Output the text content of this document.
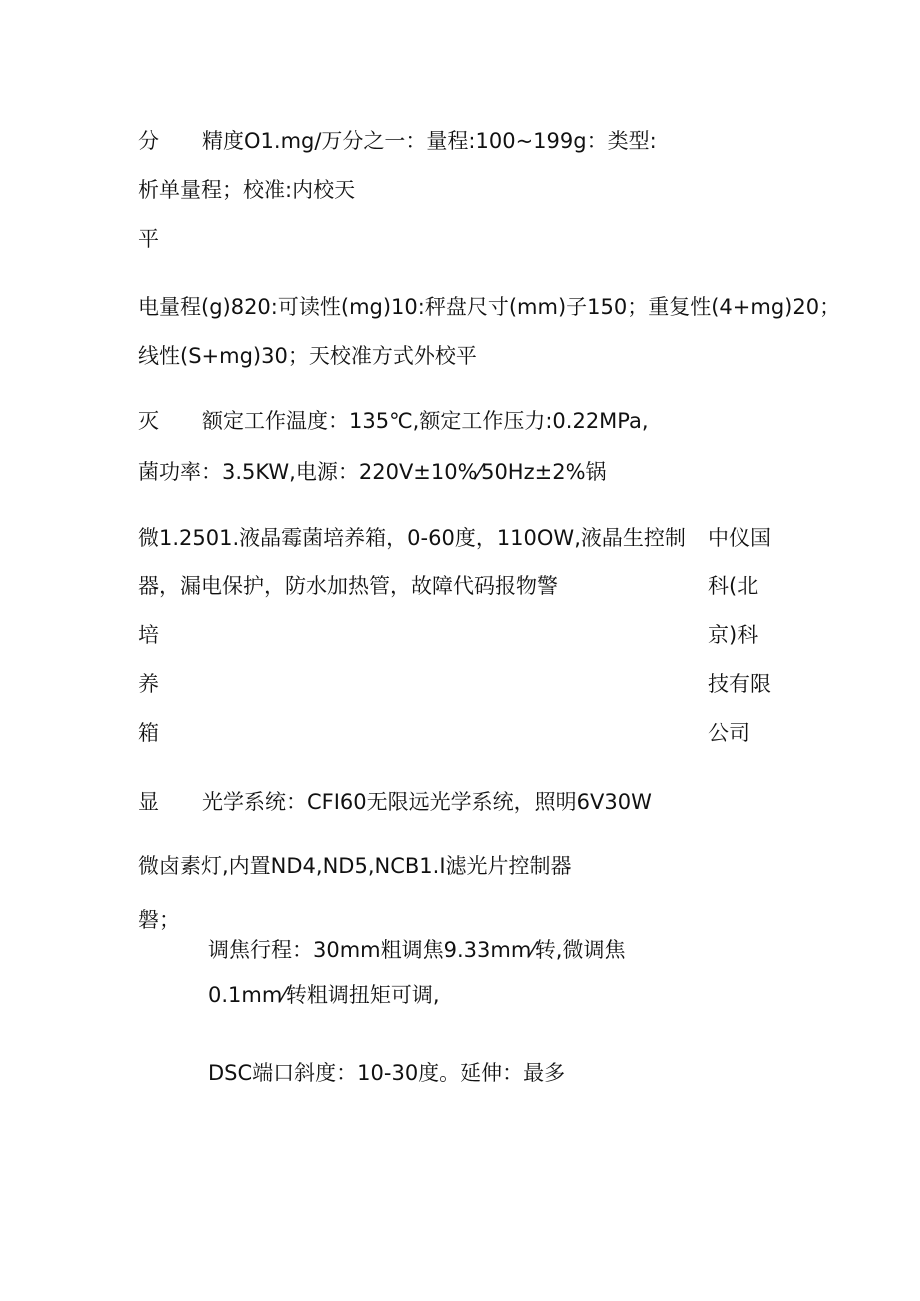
分 精度O1.mg/万分之一：量程:100~199g：类型:
析单量程；校准:内校天
平
电量程(g)820:可读性(mg)10:秤盘尺寸(mm)子150；重复性(4+mg)20；
线性(S+mg)30；天校准方式外校平
灭 额定工作温度：135℃,额定工作压力:0.22MPa,
菌功率：3.5KW,电源：220V±10%⁄50Hz±2%锅
微1.2501.液晶霉菌培养箱，0-60度，110OW,液晶生控制
器，漏电保护，防水加热管，故障代码报物警
培
养
箱
中仪国
科(北
京)科
技有限
公司
显 光学系统：CFI60无限远光学系统，照明6V30W
微卤素灯,内置ND4,ND5,NCB1.I滤光片控制器
磐；
调焦行程：30mm粗调焦9.33mm⁄转,微调焦
0.1mm⁄转粗调扭矩可调,
DSC端口斜度：10-30度。延伸：最多
